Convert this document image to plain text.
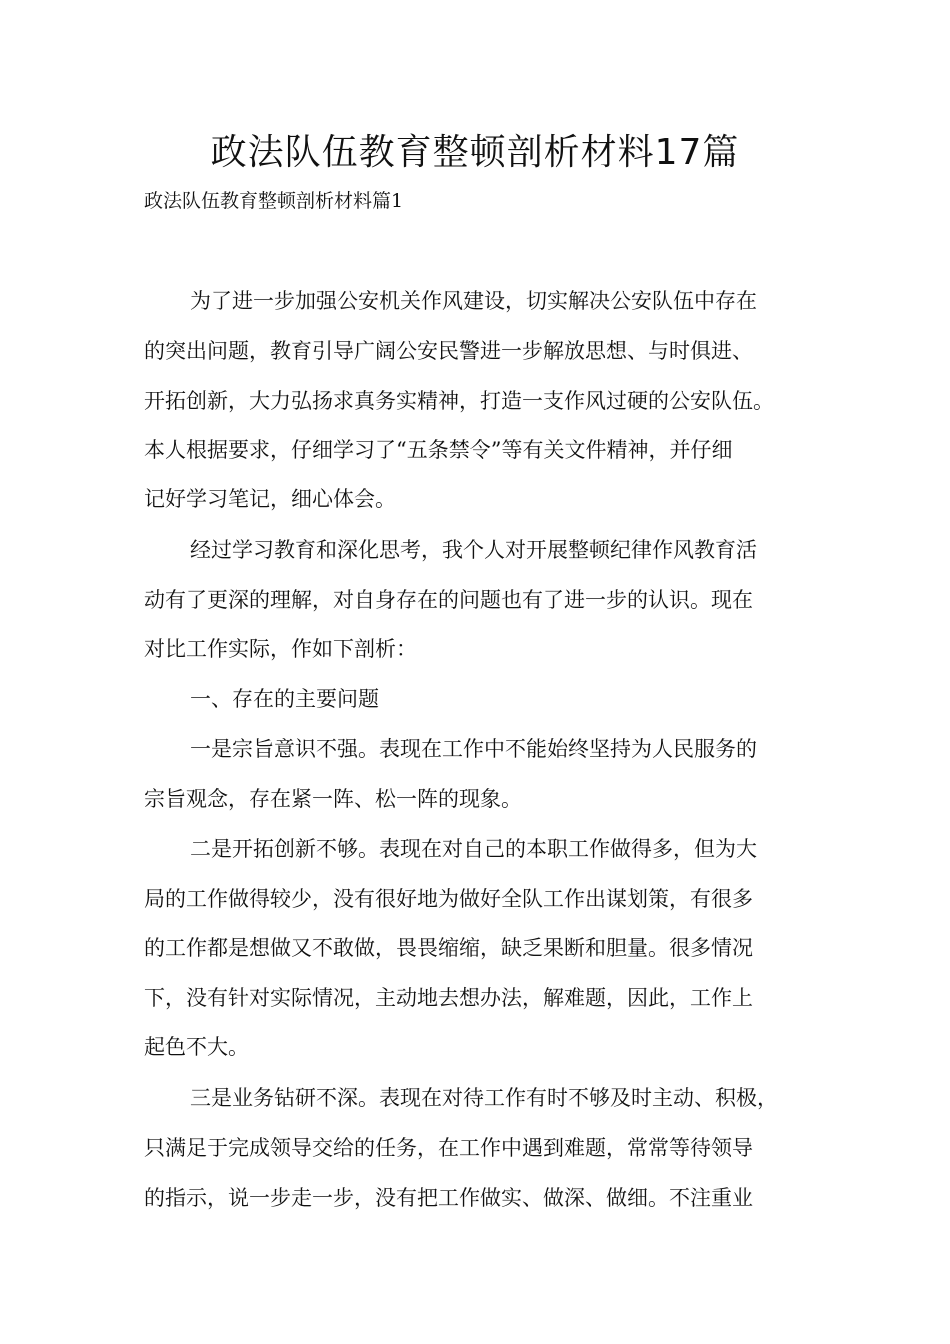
政法队伍教育整顿剖析材料17篇

政法队伍教育整顿剖析材料篇1

为了进一步加强公安机关作风建设，切实解决公安队伍中存在

的突出问题，教育引导广阔公安民警进一步解放思想、与时俱进、

开拓创新，大力弘扬求真务实精神，打造一支作风过硬的公安队伍。

本人根据要求，仔细学习了“五条禁令”等有关文件精神，并仔细

记好学习笔记，细心体会。

经过学习教育和深化思考，我个人对开展整顿纪律作风教育活

动有了更深的理解，对自身存在的问题也有了进一步的认识。现在

对比工作实际，作如下剖析：

一、存在的主要问题

一是宗旨意识不强。表现在工作中不能始终坚持为人民服务的

宗旨观念，存在紧一阵、松一阵的现象。

二是开拓创新不够。表现在对自己的本职工作做得多，但为大

局的工作做得较少，没有很好地为做好全队工作出谋划策，有很多

的工作都是想做又不敢做，畏畏缩缩，缺乏果断和胆量。很多情况

下，没有针对实际情况，主动地去想办法，解难题，因此，工作上

起色不大。

三是业务钻研不深。表现在对待工作有时不够及时主动、积极，

只满足于完成领导交给的任务，在工作中遇到难题，常常等待领导

的指示，说一步走一步，没有把工作做实、做深、做细。不注重业
